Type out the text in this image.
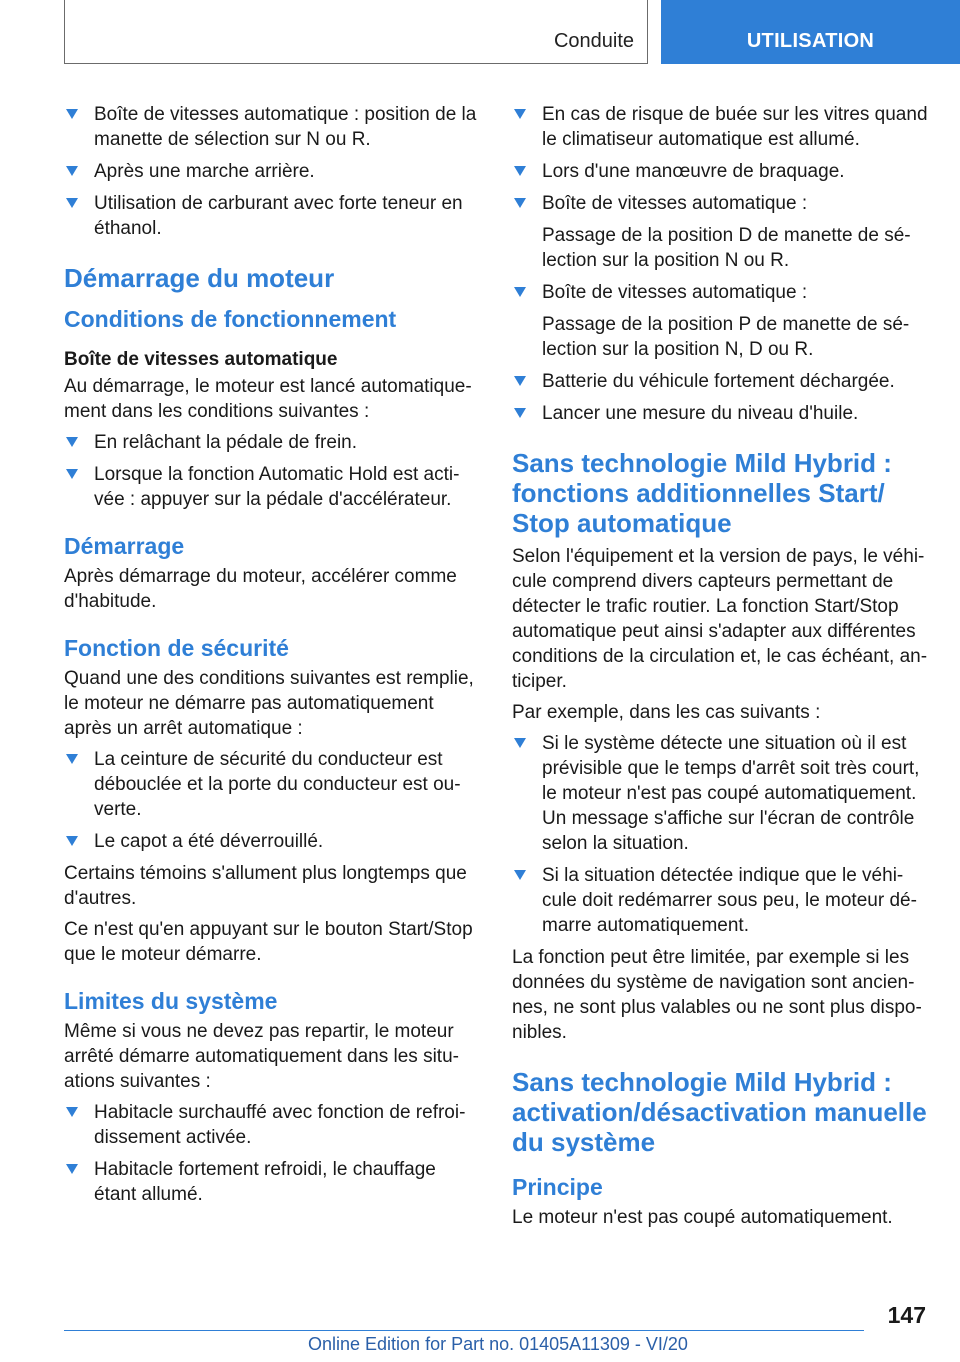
Conduite	UTILISATION
Boîte de vitesses automatique : position de la manette de sélection sur N ou R.
Après une marche arrière.
Utilisation de carburant avec forte teneur en éthanol.
Démarrage du moteur
Conditions de fonctionnement
Boîte de vitesses automatique

Au démarrage, le moteur est lancé automatique‐ment dans les conditions suivantes :

En relâchant la pédale de frein.
Lorsque la fonction Automatic Hold est acti‐vée : appuyer sur la pédale d'accélérateur.
Démarrage

Après démarrage du moteur, accélérer comme d'habitude.

Fonction de sécurité

Quand une des conditions suivantes est remplie, le moteur ne démarre pas automatiquement après un arrêt automatique :

La ceinture de sécurité du conducteur est débouclée et la porte du conducteur est ou‐verte.
Le capot a été déverrouillé.

Certains témoins s'allument plus longtemps que d'autres.

Ce n'est qu'en appuyant sur le bouton Start/Stop que le moteur démarre.

Limites du système

Même si vous ne devez pas repartir, le moteur arrêté démarre automatiquement dans les situ‐ations suivantes :

Habitacle surchauffé avec fonction de refroi‐dissement activée.
Habitacle fortement refroidi, le chauffage étant allumé.
En cas de risque de buée sur les vitres quand le climatiseur automatique est allumé.
Lors d'une manœuvre de braquage.
Boîte de vitesses automatique :
Passage de la position D de manette de sé‐lection sur la position N ou R.
Boîte de vitesses automatique :
Passage de la position P de manette de sé‐lection sur la position N, D ou R.
Batterie du véhicule fortement déchargée.
Lancer une mesure du niveau d'huile.
Sans technologie Mild Hybrid : fonctions additionnelles Start/ Stop automatique

Selon l'équipement et la version de pays, le véhi‐cule comprend divers capteurs permettant de détecter le trafic routier. La fonction Start/Stop automatique peut ainsi s'adapter aux différentes conditions de la circulation et, le cas échéant, an‐ticiper.

Par exemple, dans les cas suivants :

Si le système détecte une situation où il est prévisible que le temps d'arrêt soit très court, le moteur n'est pas coupé automatiquement. Un message s'affiche sur l'écran de contrôle selon la situation.
Si la situation détectée indique que le véhi‐cule doit redémarrer sous peu, le moteur dé‐marre automatiquement.

La fonction peut être limitée, par exemple si les données du système de navigation sont ancien‐nes, ne sont plus valables ou ne sont plus dispo‐nibles.

Sans technologie Mild Hybrid : activation/désactivation manuelle du système
Principe

Le moteur n'est pas coupé automatiquement.

147
Online Edition for Part no. 01405A11309 - VI/20
